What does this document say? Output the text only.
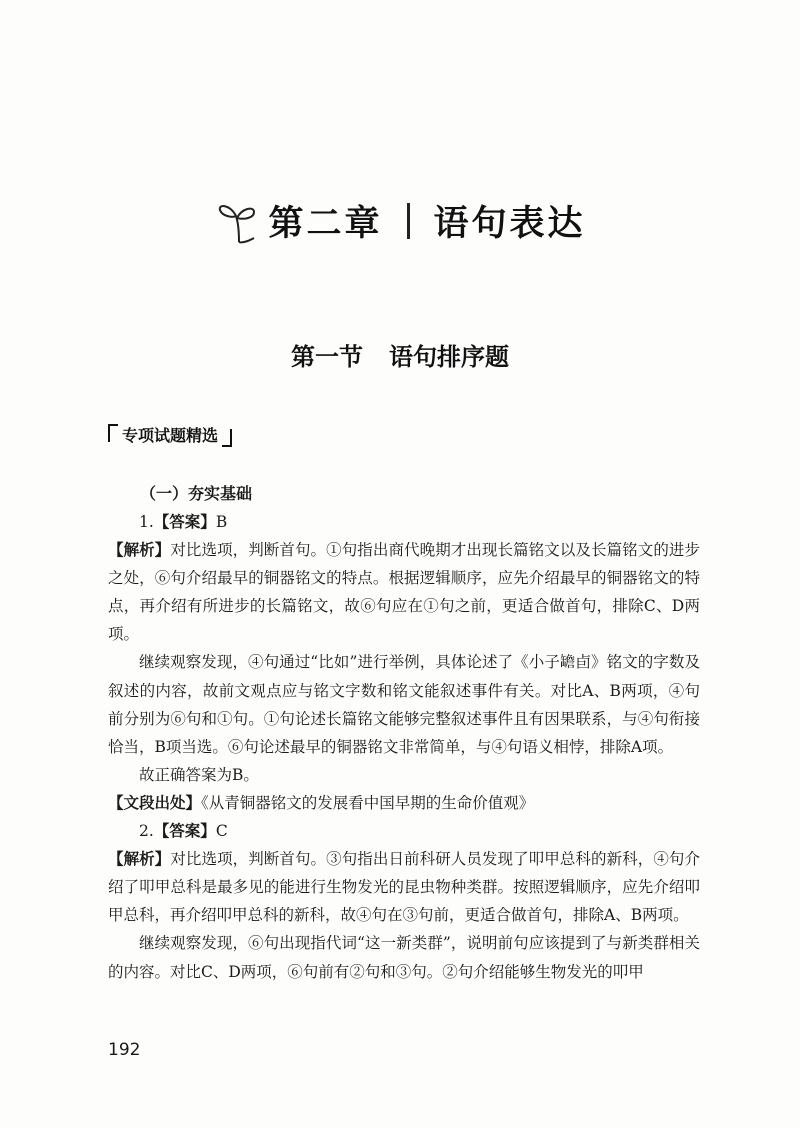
第二章 语句表达
第一节 语句排序题
专项试题精选
（一）夯实基础

1.【答案】B

【解析】对比选项，判断首句。①句指出商代晚期才出现长篇铭文以及长篇铭文的进步之处，⑥句介绍最早的铜器铭文的特点。根据逻辑顺序，应先介绍最早的铜器铭文的特点，再介绍有所进步的长篇铭文，故⑥句应在①句之前，更适合做首句，排除C、D两项。

继续观察发现，④句通过“比如”进行举例，具体论述了《小子𦉜卣》铭文的字数及叙述的内容，故前文观点应与铭文字数和铭文能叙述事件有关。对比A、B两项，④句前分别为⑥句和①句。①句论述长篇铭文能够完整叙述事件且有因果联系，与④句衔接恰当，B项当选。⑥句论述最早的铜器铭文非常简单，与④句语义相悖，排除A项。

故正确答案为B。

【文段出处】《从青铜器铭文的发展看中国早期的生命价值观》

2.【答案】C

【解析】对比选项，判断首句。③句指出日前科研人员发现了叩甲总科的新科，④句介绍了叩甲总科是最多见的能进行生物发光的昆虫物种类群。按照逻辑顺序，应先介绍叩甲总科，再介绍叩甲总科的新科，故④句在③句前，更适合做首句，排除A、B两项。

继续观察发现，⑥句出现指代词“这一新类群”，说明前句应该提到了与新类群相关的内容。对比C、D两项，⑥句前有②句和③句。②句介绍能够生物发光的叩甲

192
